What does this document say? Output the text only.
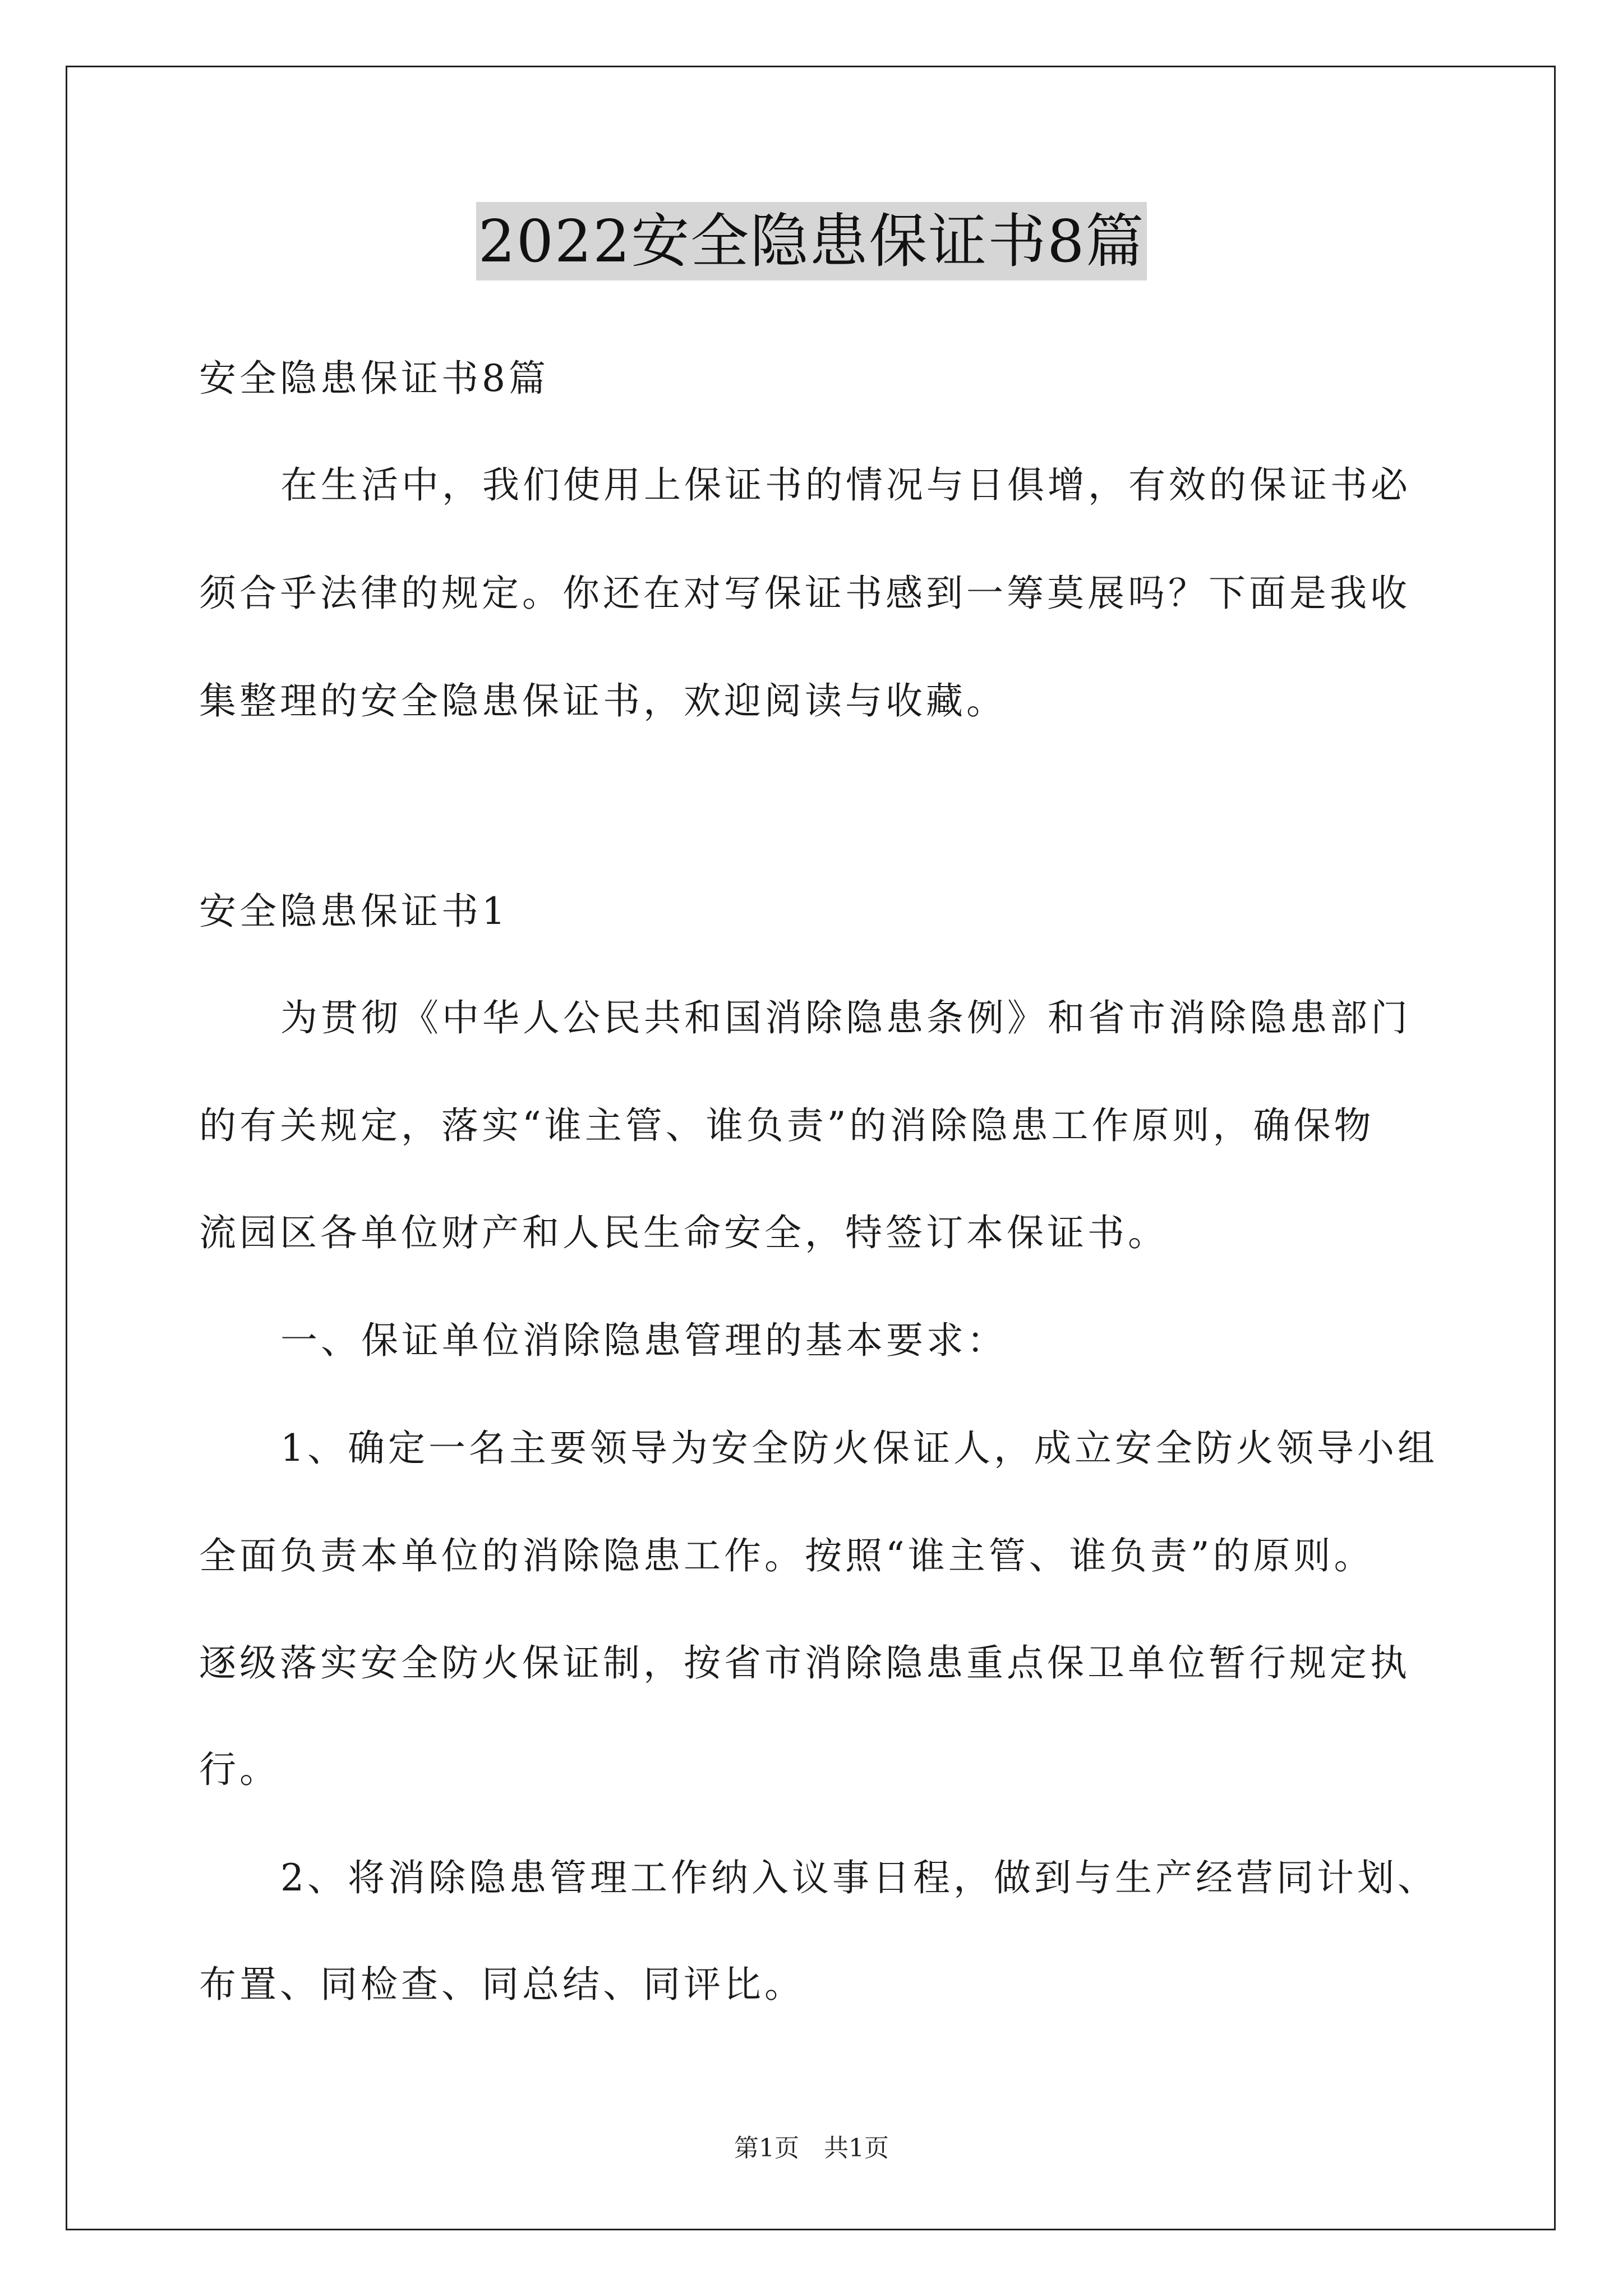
2022安全隐患保证书8篇
安全隐患保证书8篇
在生活中，我们使用上保证书的情况与日俱增，有效的保证书必
须合乎法律的规定。你还在对写保证书感到一筹莫展吗？下面是我收
集整理的安全隐患保证书，欢迎阅读与收藏。
安全隐患保证书1
为贯彻《中华人公民共和国消除隐患条例》和省市消除隐患部门
的有关规定，落实“谁主管、谁负责”的消除隐患工作原则，确保物
流园区各单位财产和人民生命安全，特签订本保证书。
一、保证单位消除隐患管理的基本要求：
1、确定一名主要领导为安全防火保证人，成立安全防火领导小组
全面负责本单位的消除隐患工作。按照“谁主管、谁负责”的原则。
逐级落实安全防火保证制，按省市消除隐患重点保卫单位暂行规定执
行。
2、将消除隐患管理工作纳入议事日程，做到与生产经营同计划、
布置、同检查、同总结、同评比。
第1页　共1页
